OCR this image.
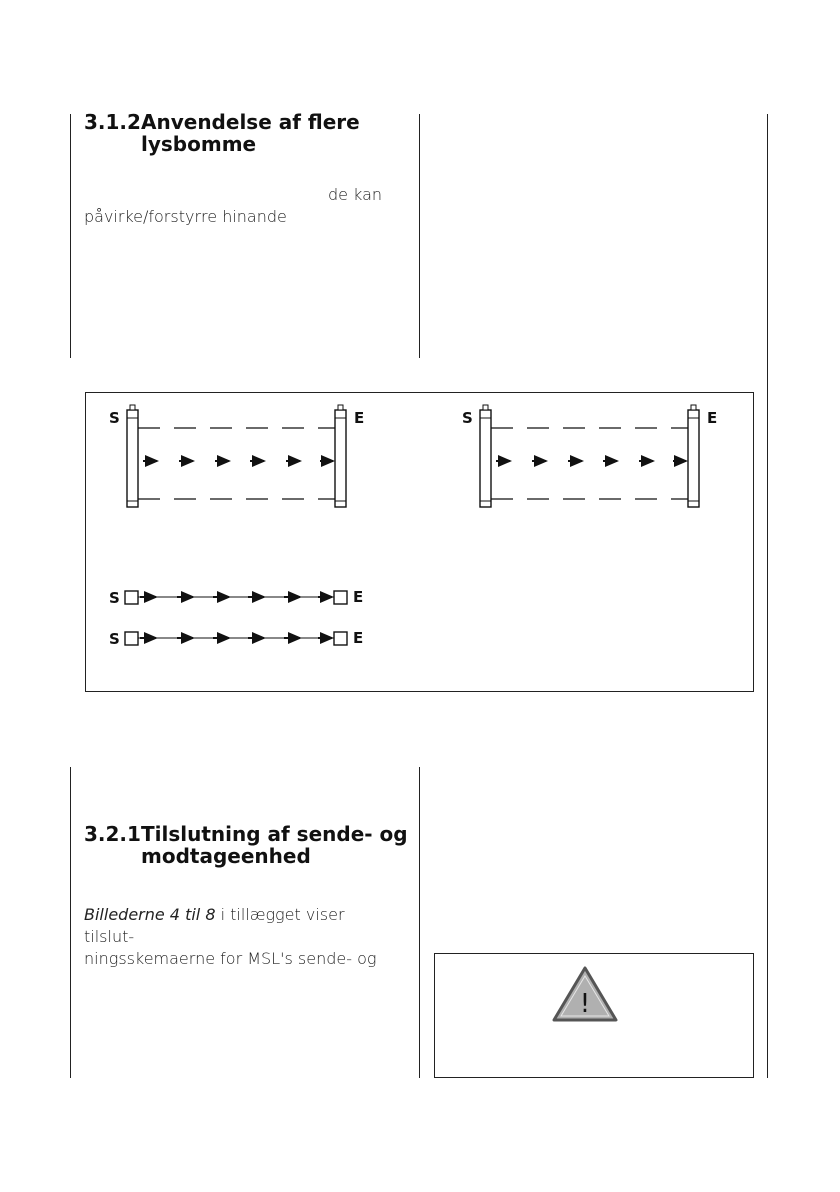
3.1.2 Anvendelse af flere lysbomme
de kan
påvirke/forstyrre hinande
S	E	S	E
S	E
S	E
3.2.1 Tilslutning af sende- og modtageenhed
Billederne 4 til 8 i tillægget viser tilslut-
ningsskemaerne for MSL's sende- og
!
